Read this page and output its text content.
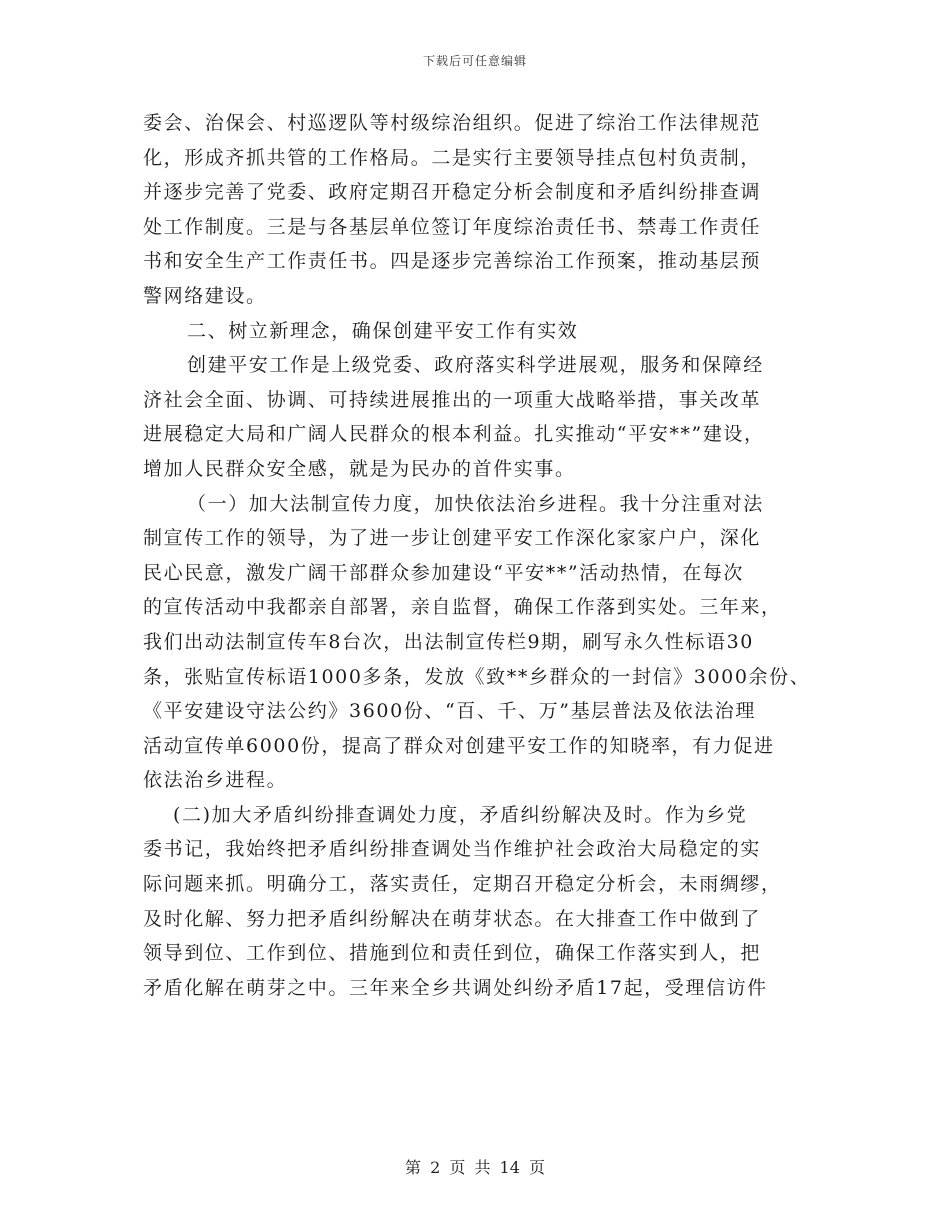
下载后可任意编辑

委会、治保会、村巡逻队等村级综治组织。促进了综治工作法律规范

化，形成齐抓共管的工作格局。二是实行主要领导挂点包村负责制，

并逐步完善了党委、政府定期召开稳定分析会制度和矛盾纠纷排查调

处工作制度。三是与各基层单位签订年度综治责任书、禁毒工作责任

书和安全生产工作责任书。四是逐步完善综治工作预案，推动基层预

警网络建设。

二、树立新理念，确保创建平安工作有实效

创建平安工作是上级党委、政府落实科学进展观，服务和保障经

济社会全面、协调、可持续进展推出的一项重大战略举措，事关改革

进展稳定大局和广阔人民群众的根本利益。扎实推动“平安**”建设，

增加人民群众安全感，就是为民办的首件实事。

（一）加大法制宣传力度，加快依法治乡进程。我十分注重对法

制宣传工作的领导，为了进一步让创建平安工作深化家家户户，深化

民心民意，激发广阔干部群众参加建设“平安**”活动热情，在每次

的宣传活动中我都亲自部署，亲自监督，确保工作落到实处。三年来，

我们出动法制宣传车8台次，出法制宣传栏9期，刷写永久性标语30

条，张贴宣传标语1000多条，发放《致**乡群众的一封信》3000余份、

《平安建设守法公约》3600份、“百、千、万”基层普法及依法治理

活动宣传单6000份，提高了群众对创建平安工作的知晓率，有力促进

依法治乡进程。

(二)加大矛盾纠纷排查调处力度，矛盾纠纷解决及时。作为乡党

委书记，我始终把矛盾纠纷排查调处当作维护社会政治大局稳定的实

际问题来抓。明确分工，落实责任，定期召开稳定分析会，未雨绸缪，

及时化解、努力把矛盾纠纷解决在萌芽状态。在大排查工作中做到了

领导到位、工作到位、措施到位和责任到位，确保工作落实到人，把

矛盾化解在萌芽之中。三年来全乡共调处纠纷矛盾17起，受理信访件

第 2 页 共 14 页
